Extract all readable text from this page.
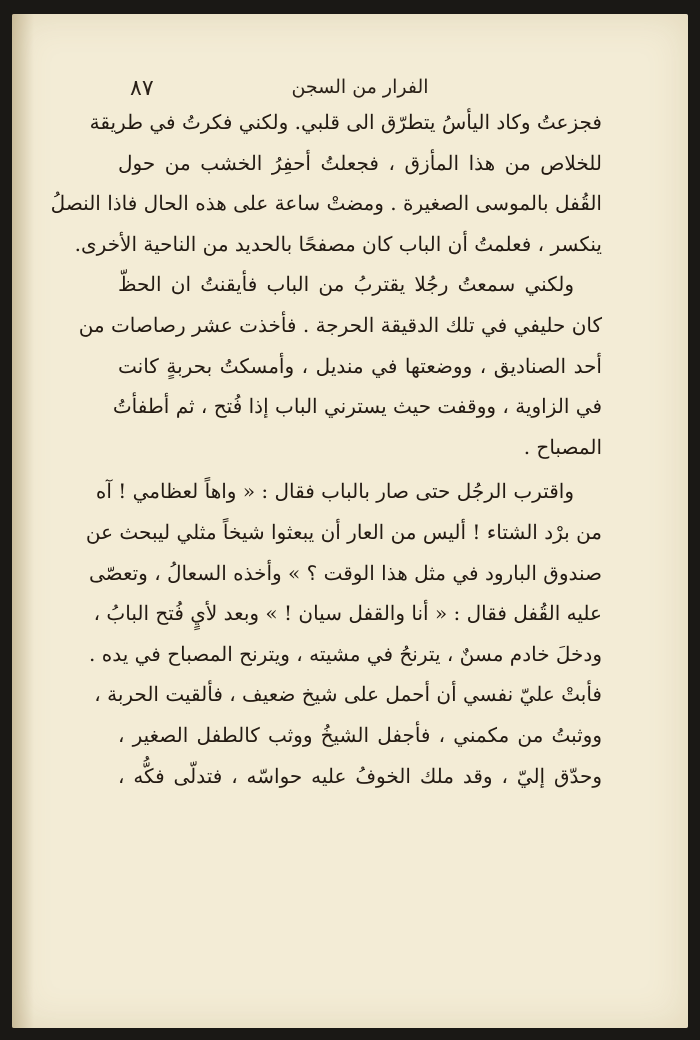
٨٧	الفرار من السجن
فجزعتُ وكاد اليأسُ يتطرّق الى قلبي. ولكني فكرتُ في طريقة
للخلاص من هذا المأزق ، فجعلتُ أحفِرُ الخشب من حول
القُفل بالموسى الصغيرة . ومضتْ ساعة على هذه الحال فاذا النصلُ
ينكسر ، فعلمتُ أن الباب كان مصفحًا بالحديد من الناحية الأخرى.
ولكني سمعتُ رجُلا يقتربُ من الباب فأيقنتُ ان الحظّ
كان حليفي في تلك الدقيقة الحرجة . فأخذت عشر رصاصات من
أحد الصناديق ، ووضعتها في منديل ، وأمسكتُ بحربةٍ كانت
في الزاوية ، ووقفت حيث يسترني الباب إذا فُتح ، ثم أطفأتُ
المصباح .
واقترب الرجُل حتى صار بالباب فقال : « واهاً لعظامي ! آه
من برْد الشتاء ! أليس من العار أن يبعثوا شيخاً مثلي ليبحث عن
صندوق البارود في مثل هذا الوقت ؟ » وأخذه السعالُ ، وتعصّى
عليه القُفل فقال : « أنا والقفل سيان ! » وبعد لأيٍ فُتح البابُ ،
ودخلَ خادم مسنٌ ، يترنحُ في مشيته ، ويترنح المصباح في يده .
فأبتْ عليّ نفسي أن أحمل على شيخ ضعيف ، فألقيت الحربة ،
ووثبتُ من مكمني ، فأجفل الشيخُ ووثب كالطفل الصغير ،
وحدّق إليّ ، وقد ملك الخوفُ عليه حواسّه ، فتدلّى فكُّه ،
